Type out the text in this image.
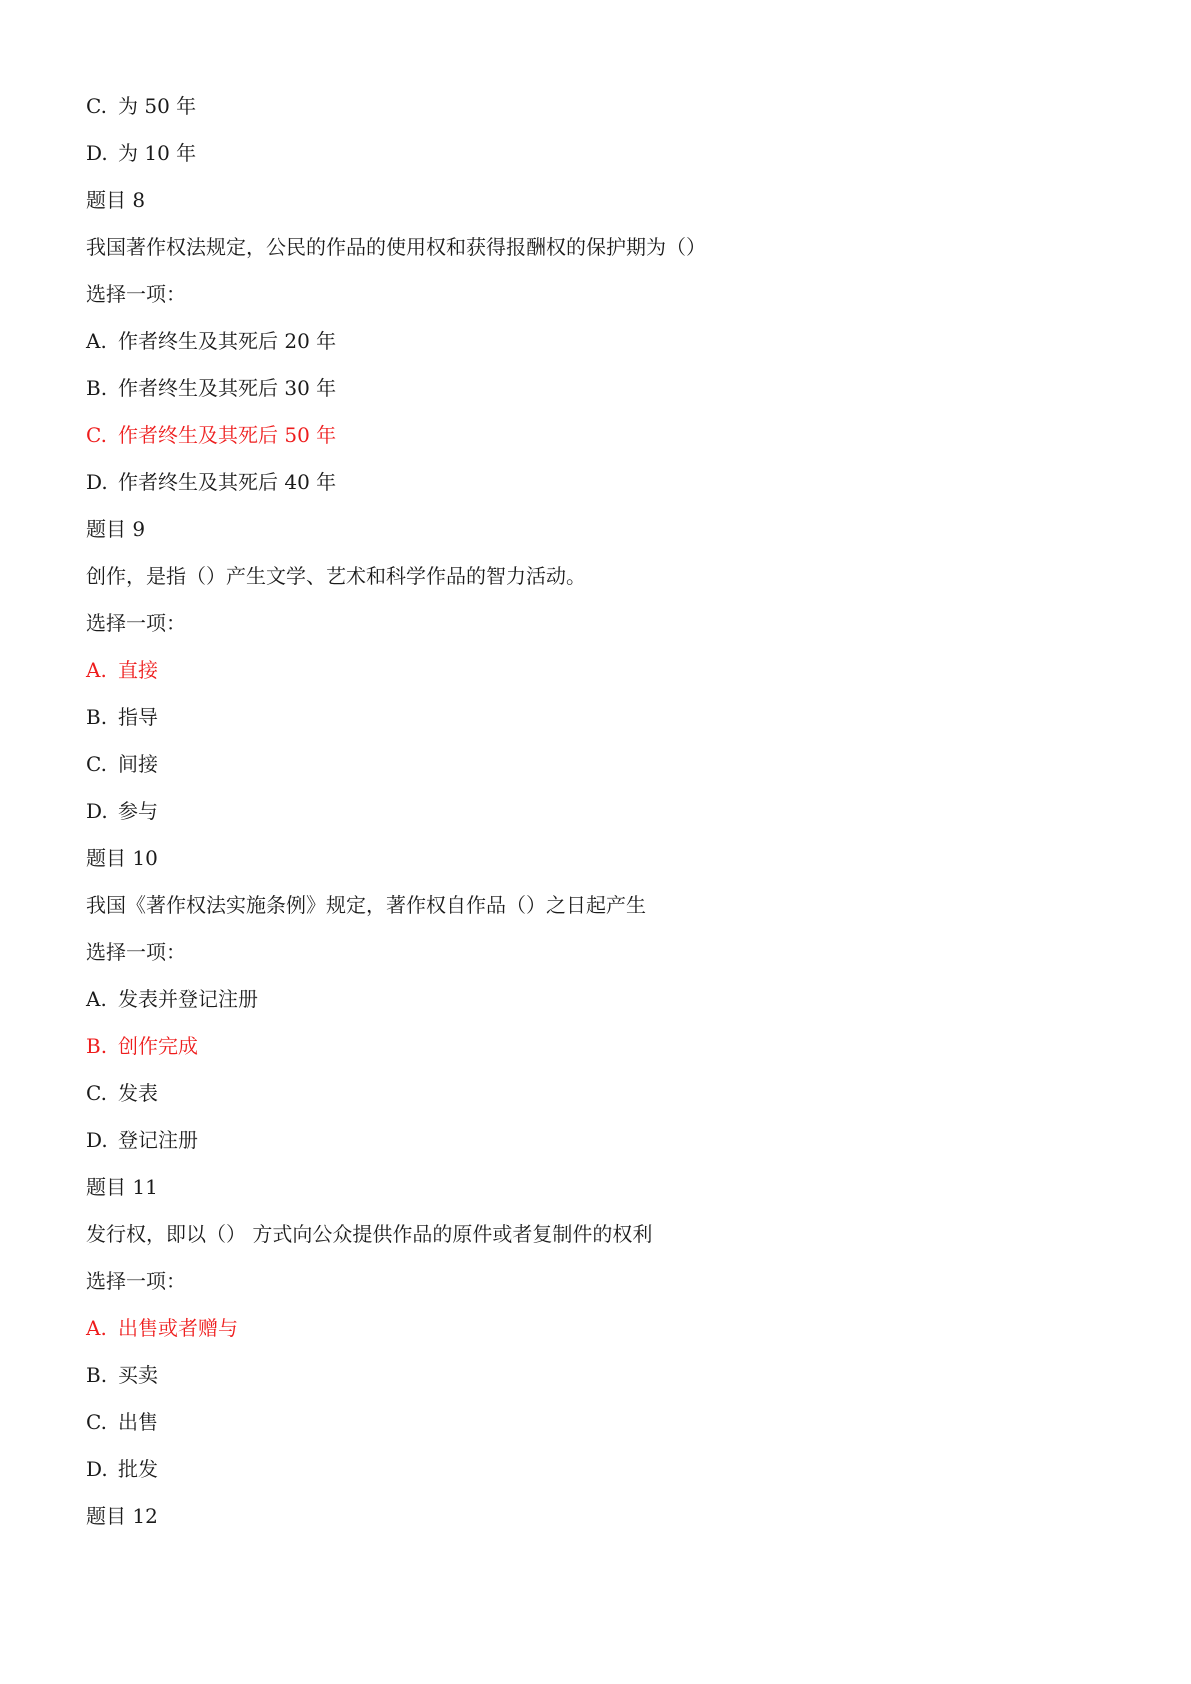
C. 为 50 年
D. 为 10 年
题目 8
我国著作权法规定，公民的作品的使用权和获得报酬权的保护期为（）
选择一项：
A. 作者终生及其死后 20 年
B. 作者终生及其死后 30 年
C. 作者终生及其死后 50 年
D. 作者终生及其死后 40 年
题目 9
创作，是指（）产生文学、艺术和科学作品的智力活动。
选择一项：
A. 直接
B. 指导
C. 间接
D. 参与
题目 10
我国《著作权法实施条例》规定，著作权自作品（）之日起产生
选择一项：
A. 发表并登记注册
B. 创作完成
C. 发表
D. 登记注册
题目 11
发行权，即以（） 方式向公众提供作品的原件或者复制件的权利
选择一项：
A. 出售或者赠与
B. 买卖
C. 出售
D. 批发
题目 12
